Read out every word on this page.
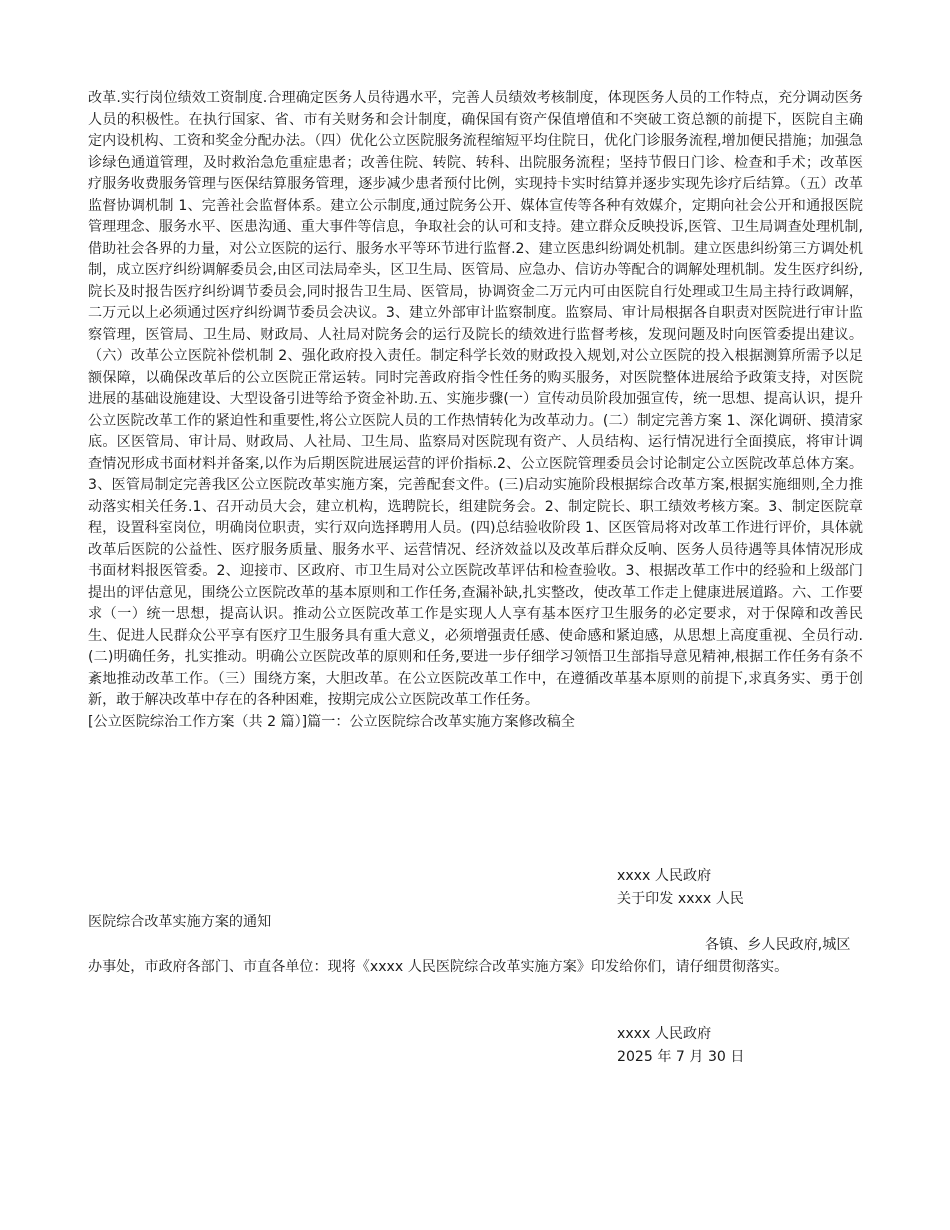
改革.实行岗位绩效工资制度.合理确定医务人员待遇水平，完善人员绩效考核制度，体现医务人员的工作特点，充分调动医务人员的积极性。在执行国家、省、市有关财务和会计制度，确保国有资产保值增值和不突破工资总额的前提下，医院自主确定内设机构、工资和奖金分配办法。（四）优化公立医院服务流程缩短平均住院日，优化门诊服务流程,增加便民措施；加强急诊绿色通道管理，及时救治急危重症患者；改善住院、转院、转科、出院服务流程；坚持节假日门诊、检查和手术；改革医疗服务收费服务管理与医保结算服务管理，逐步减少患者预付比例，实现持卡实时结算并逐步实现先诊疗后结算。（五）改革监督协调机制 1、完善社会监督体系。建立公示制度,通过院务公开、媒体宣传等各种有效媒介，定期向社会公开和通报医院管理理念、服务水平、医患沟通、重大事件等信息，争取社会的认可和支持。建立群众反映投诉,医管、卫生局调查处理机制,借助社会各界的力量，对公立医院的运行、服务水平等环节进行监督.2、建立医患纠纷调处机制。建立医患纠纷第三方调处机制，成立医疗纠纷调解委员会,由区司法局牵头，区卫生局、医管局、应急办、信访办等配合的调解处理机制。发生医疗纠纷,院长及时报告医疗纠纷调节委员会,同时报告卫生局、医管局，协调资金二万元内可由医院自行处理或卫生局主持行政调解，二万元以上必须通过医疗纠纷调节委员会决议。3、建立外部审计监察制度。监察局、审计局根据各自职责对医院进行审计监察管理，医管局、卫生局、财政局、人社局对院务会的运行及院长的绩效进行监督考核，发现问题及时向医管委提出建议。（六）改革公立医院补偿机制 2、强化政府投入责任。制定科学长效的财政投入规划,对公立医院的投入根据测算所需予以足额保障，以确保改革后的公立医院正常运转。同时完善政府指令性任务的购买服务，对医院整体进展给予政策支持，对医院进展的基础设施建设、大型设备引进等给予资金补助.五、实施步骤(一）宣传动员阶段加强宣传，统一思想、提高认识，提升公立医院改革工作的紧迫性和重要性,将公立医院人员的工作热情转化为改革动力。(二）制定完善方案 1、深化调研、摸清家底。区医管局、审计局、财政局、人社局、卫生局、监察局对医院现有资产、人员结构、运行情况进行全面摸底，将审计调查情况形成书面材料并备案,以作为后期医院进展运营的评价指标.2、公立医院管理委员会讨论制定公立医院改革总体方案。3、医管局制定完善我区公立医院改革实施方案，完善配套文件。(三)启动实施阶段根据综合改革方案,根据实施细则,全力推动落实相关任务.1、召开动员大会，建立机构，选聘院长，组建院务会。2、制定院长、职工绩效考核方案。3、制定医院章程，设置科室岗位，明确岗位职责，实行双向选择聘用人员。(四)总结验收阶段 1、区医管局将对改革工作进行评价，具体就改革后医院的公益性、医疗服务质量、服务水平、运营情况、经济效益以及改革后群众反响、医务人员待遇等具体情况形成书面材料报医管委。2、迎接市、区政府、市卫生局对公立医院改革评估和检查验收。3、根据改革工作中的经验和上级部门提出的评估意见，围绕公立医院改革的基本原则和工作任务,查漏补缺,扎实整改，使改革工作走上健康进展道路。六、工作要求（一）统一思想，提高认识。推动公立医院改革工作是实现人人享有基本医疗卫生服务的必定要求，对于保障和改善民生、促进人民群众公平享有医疗卫生服务具有重大意义，必须增强责任感、使命感和紧迫感，从思想上高度重视、全员行动.(二)明确任务，扎实推动。明确公立医院改革的原则和任务,要进一步仔细学习领悟卫生部指导意见精神,根据工作任务有条不紊地推动改革工作。（三）围绕方案，大胆改革。在公立医院改革工作中，在遵循改革基本原则的前提下,求真务实、勇于创新，敢于解决改革中存在的各种困难，按期完成公立医院改革工作任务。

[公立医院综治工作方案（共 2 篇）]篇一：公立医院综合改革实施方案修改稿全

xxxx 人民政府
关于印发 xxxx 人民
医院综合改革实施方案的通知
各镇、乡人民政府,城区办事处，市政府各部门、市直各单位：现将《xxxx 人民医院综合改革实施方案》印发给你们，请仔细贯彻落实。
xxxx 人民政府
2025 年 7 月 30 日
